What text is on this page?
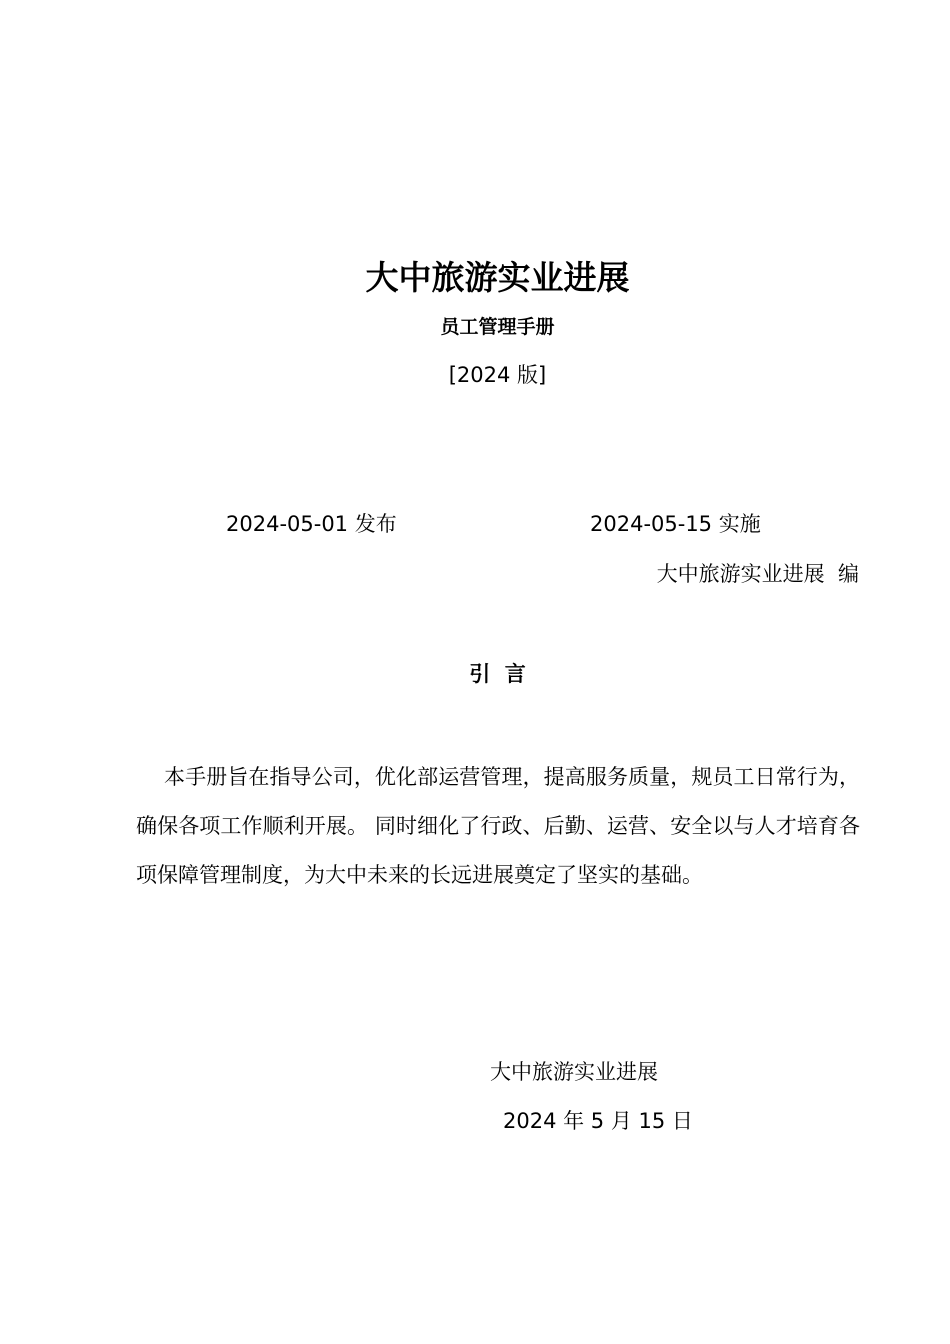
大中旅游实业进展
员工管理手册
[2024 版]
2024-05-01 发布	2024-05-15 实施
大中旅游实业进展  编
引  言

本手册旨在指导公司，优化部运营管理，提高服务质量，规员工日常行为，确保各项工作顺利开展。 同时细化了行政、后勤、运营、安全以与人才培育各项保障管理制度，为大中未来的长远进展奠定了坚实的基础。

大中旅游实业进展
2024 年 5 月 15 日
